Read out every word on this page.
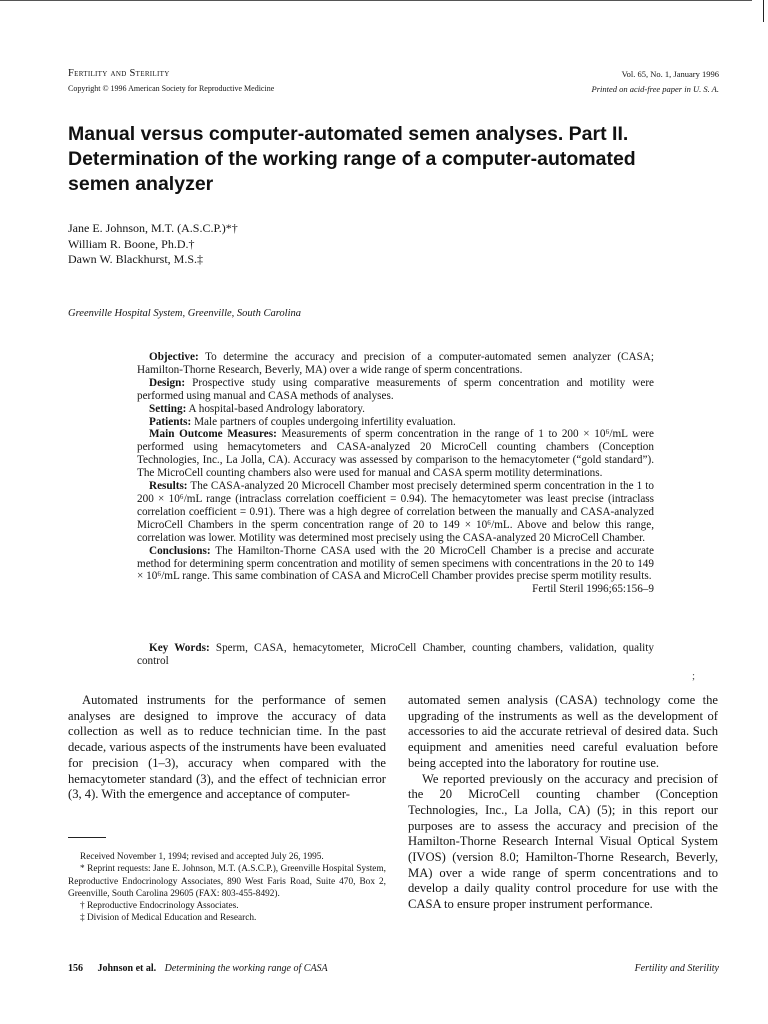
Fertility and Sterility
Copyright © 1996 American Society for Reproductive Medicine
Vol. 65, No. 1, January 1996
Printed on acid-free paper in U. S. A.
Manual versus computer-automated semen analyses. Part II.
Determination of the working range of a computer-automated
semen analyzer
Jane E. Johnson, M.T. (A.S.C.P.)*†
William R. Boone, Ph.D.†
Dawn W. Blackhurst, M.S.‡
Greenville Hospital System, Greenville, South Carolina

Objective: To determine the accuracy and precision of a computer-automated semen analyzer (CASA; Hamilton-Thorne Research, Beverly, MA) over a wide range of sperm concentrations.

Design: Prospective study using comparative measurements of sperm concentration and motility were performed using manual and CASA methods of analyses.

Setting: A hospital-based Andrology laboratory.

Patients: Male partners of couples undergoing infertility evaluation.

Main Outcome Measures: Measurements of sperm concentration in the range of 1 to 200 × 10⁶/mL were performed using hemacytometers and CASA-analyzed 20 MicroCell counting chambers (Conception Technologies, Inc., La Jolla, CA). Accuracy was assessed by comparison to the hemacytometer (“gold standard”). The MicroCell counting chambers also were used for manual and CASA sperm motility determinations.

Results: The CASA-analyzed 20 Microcell Chamber most precisely determined sperm concentration in the 1 to 200 × 10⁶/mL range (intraclass correlation coefficient = 0.94). The hemacytometer was least precise (intraclass correlation coefficient = 0.91). There was a high degree of correlation between the manually and CASA-analyzed MicroCell Chambers in the sperm concentration range of 20 to 149 × 10⁶/mL. Above and below this range, correlation was lower. Motility was determined most precisely using the CASA-analyzed 20 MicroCell Chamber.

Conclusions: The Hamilton-Thorne CASA used with the 20 MicroCell Chamber is a precise and accurate method for determining sperm concentration and motility of semen specimens with concentrations in the 20 to 149 × 10⁶/mL range. This same combination of CASA and MicroCell Chamber provides precise sperm motility results.
Fertil Steril 1996;65:156–9

Key Words: Sperm, CASA, hemacytometer, MicroCell Chamber, counting chambers, validation, quality control

;

Automated instruments for the performance of semen analyses are designed to improve the accuracy of data collection as well as to reduce technician time. In the past decade, various aspects of the instruments have been evaluated for precision (1–3), accuracy when compared with the hemacytometer standard (3), and the effect of technician error (3, 4). With the emergence and acceptance of computer-

automated semen analysis (CASA) technology come the upgrading of the instruments as well as the development of accessories to aid the accurate retrieval of desired data. Such equipment and amenities need careful evaluation before being accepted into the laboratory for routine use.

We reported previously on the accuracy and precision of the 20 MicroCell counting chamber (Conception Technologies, Inc., La Jolla, CA) (5); in this report our purposes are to assess the accuracy and precision of the Hamilton-Thorne Research Internal Visual Optical System (IVOS) (version 8.0; Hamilton-Thorne Research, Beverly, MA) over a wide range of sperm concentrations and to develop a daily quality control procedure for use with the CASA to ensure proper instrument performance.

Received November 1, 1994; revised and accepted July 26, 1995.

* Reprint requests: Jane E. Johnson, M.T. (A.S.C.P.), Greenville Hospital System, Reproductive Endocrinology Associates, 890 West Faris Road, Suite 470, Box 2, Greenville, South Carolina 29605 (FAX: 803-455-8492).

† Reproductive Endocrinology Associates.

‡ Division of Medical Education and Research.

156 Johnson et al. Determining the working range of CASA	Fertility and Sterility
